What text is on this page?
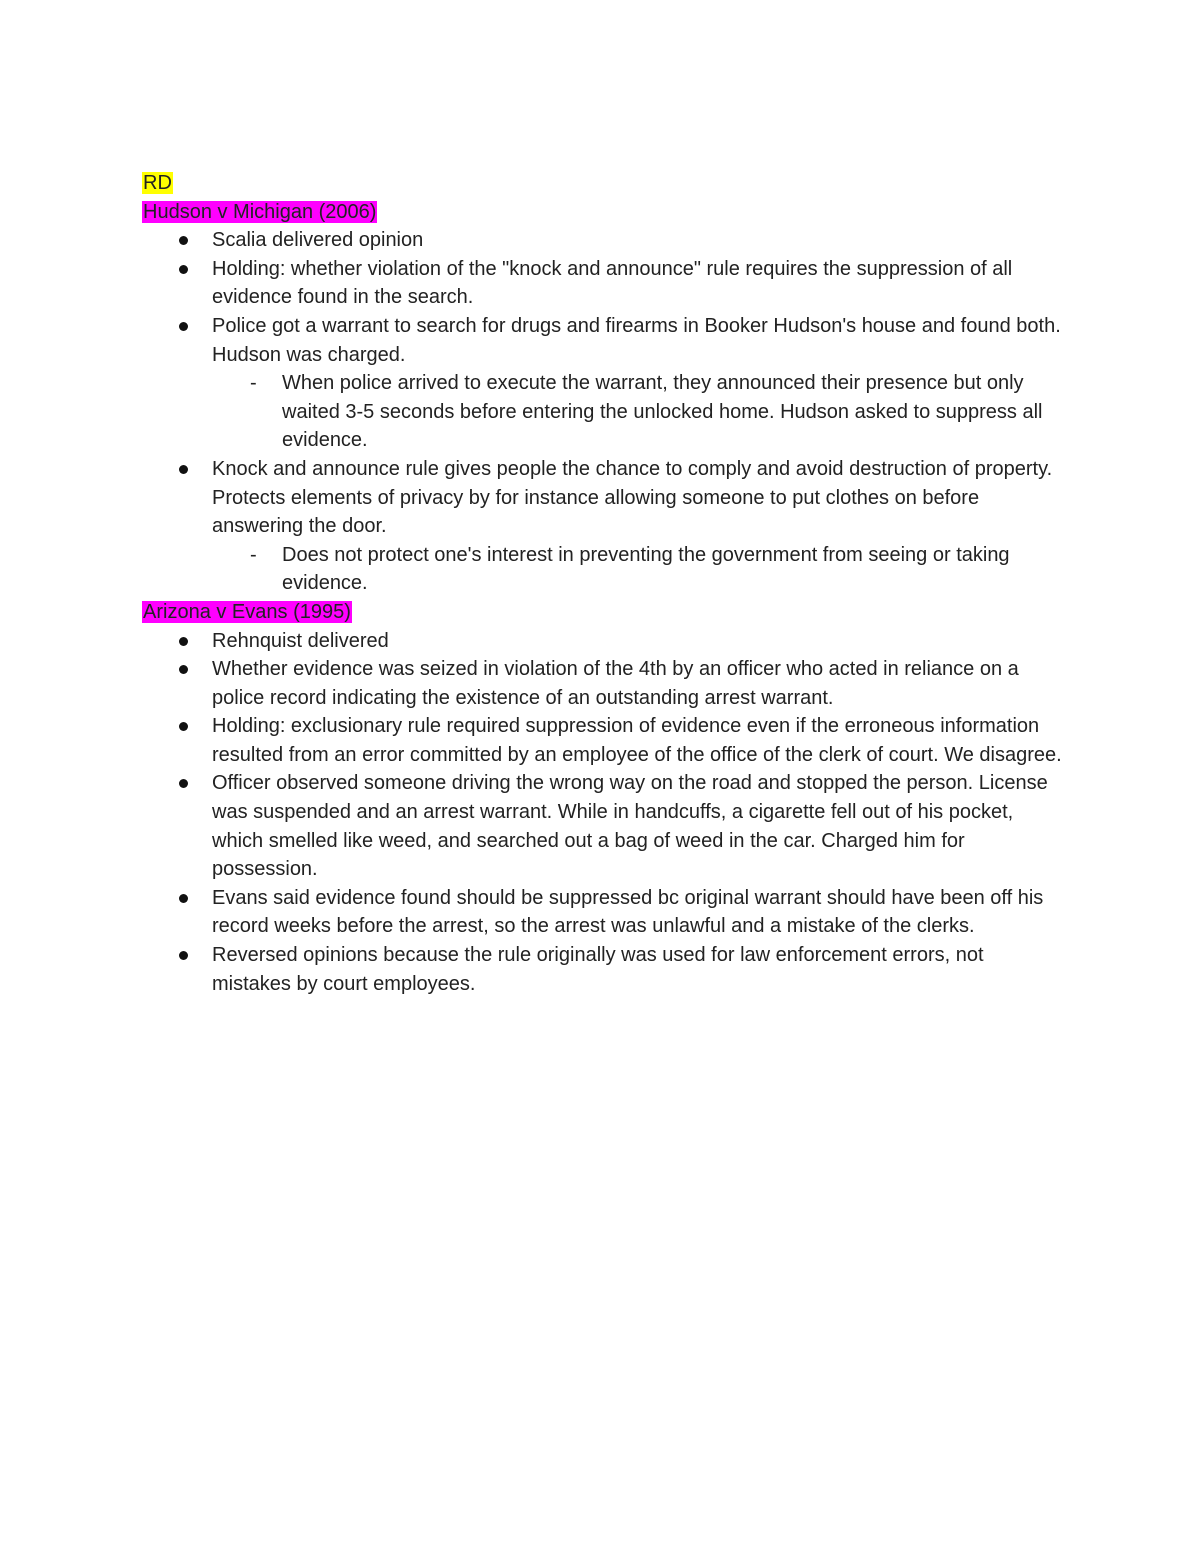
RD

Hudson v Michigan (2006)

Scalia delivered opinion
Holding: whether violation of the "knock and announce" rule requires the suppression of all evidence found in the search.
Police got a warrant to search for drugs and firearms in Booker Hudson's house and found both. Hudson was charged.
- When police arrived to execute the warrant, they announced their presence but only waited 3-5 seconds before entering the unlocked home. Hudson asked to suppress all evidence.
Knock and announce rule gives people the chance to comply and avoid destruction of property. Protects elements of privacy by for instance allowing someone to put clothes on before answering the door.
- Does not protect one's interest in preventing the government from seeing or taking evidence.

Arizona v Evans (1995)

Rehnquist delivered
Whether evidence was seized in violation of the 4th by an officer who acted in reliance on a police record indicating the existence of an outstanding arrest warrant.
Holding: exclusionary rule required suppression of evidence even if the erroneous information resulted from an error committed by an employee of the office of the clerk of court. We disagree.
Officer observed someone driving the wrong way on the road and stopped the person. License was suspended and an arrest warrant. While in handcuffs, a cigarette fell out of his pocket, which smelled like weed, and searched out a bag of weed in the car. Charged him for possession.
Evans said evidence found should be suppressed bc original warrant should have been off his record weeks before the arrest, so the arrest was unlawful and a mistake of the clerks.
Reversed opinions because the rule originally was used for law enforcement errors, not mistakes by court employees.
